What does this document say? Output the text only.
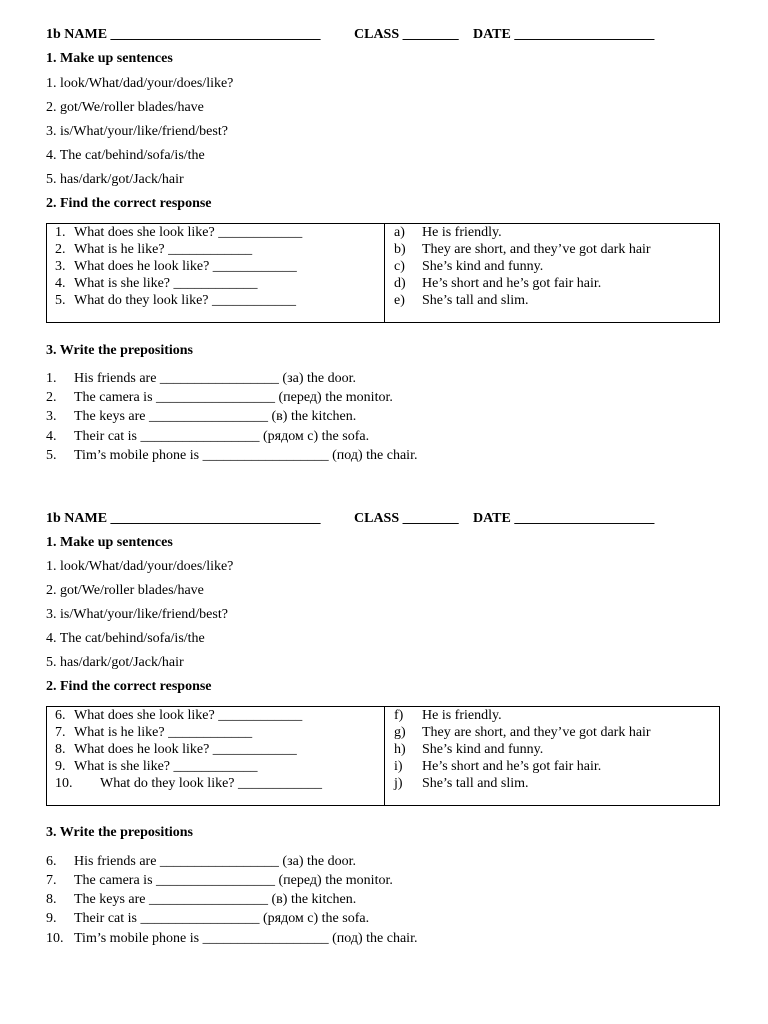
1b NAME ______________________________ CLASS ________ DATE ____________________
1. Make up sentences
1. look/What/dad/your/does/like?
2. got/We/roller blades/have
3. is/What/your/like/friend/best?
4. The cat/behind/sofa/is/the
5. has/dark/got/Jack/hair
2. Find the correct response
1. What does she look like? ____________
2. What is he like? ____________
3. What does he look like? ____________
4. What is she like? ____________
5. What do they look like? ____________
a) He is friendly.
b) They are short, and they’ve got dark hair
c) She’s kind and funny.
d) He’s short and he’s got fair hair.
e) She’s tall and slim.
3. Write the prepositions
1. His friends are _________________ (за) the door.
2. The camera is _________________ (перед) the monitor.
3. The keys are _________________ (в) the kitchen.
4. Their cat is _________________ (рядом с) the sofa.
5. Tim’s mobile phone is __________________ (под) the chair.
1b NAME ______________________________ CLASS ________ DATE ____________________
1. Make up sentences
1. look/What/dad/your/does/like?
2. got/We/roller blades/have
3. is/What/your/like/friend/best?
4. The cat/behind/sofa/is/the
5. has/dark/got/Jack/hair
2. Find the correct response
6. What does she look like? ____________
7. What is he like? ____________
8. What does he look like? ____________
9. What is she like? ____________
10. What do they look like? ____________
f) He is friendly.
g) They are short, and they’ve got dark hair
h) She’s kind and funny.
i) He’s short and he’s got fair hair.
j) She’s tall and slim.
3. Write the prepositions
6. His friends are _________________ (за) the door.
7. The camera is _________________ (перед) the monitor.
8. The keys are _________________ (в) the kitchen.
9. Their cat is _________________ (рядом с) the sofa.
10. Tim’s mobile phone is __________________ (под) the chair.
